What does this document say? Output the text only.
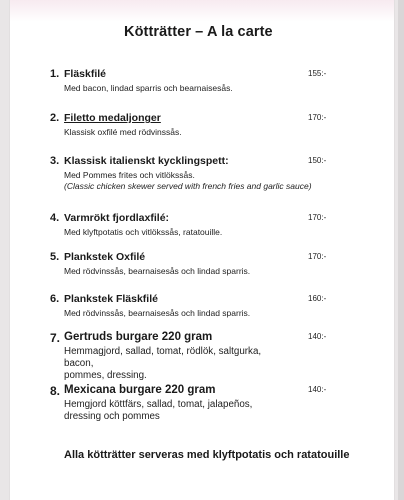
Kötträtter – A la carte
1. Fläskfilé	155:-
Med bacon, lindad sparris och bearnaisesås.
2. Filetto medaljonger	170:-
Klassisk oxfilé med rödvinssås.
3. Klassisk italienskt kycklingspett:	150:-
Med Pommes frites och vitlökssås.
(Classic chicken skewer served with french fries and garlic sauce)
4. Varmrökt fjordlaxfilé:	170:-
Med klyftpotatis och vitlökssås, ratatouille.
5. Plankstek Oxfilé	170:-
Med rödvinssås, bearnaisesås och lindad sparris.
6. Plankstek Fläskfilé	160:-
Med rödvinssås, bearnaisesås och lindad sparris.
7. Gertruds burgare 220 gram	140:-
Hemmagjord, sallad, tomat, rödlök, saltgurka, bacon,
pommes, dressing.
8. Mexicana burgare 220 gram	140:-
Hemgjord köttfärs, sallad, tomat, jalapeños,
dressing och pommes
Alla kötträtter serveras med klyftpotatis och ratatouille
